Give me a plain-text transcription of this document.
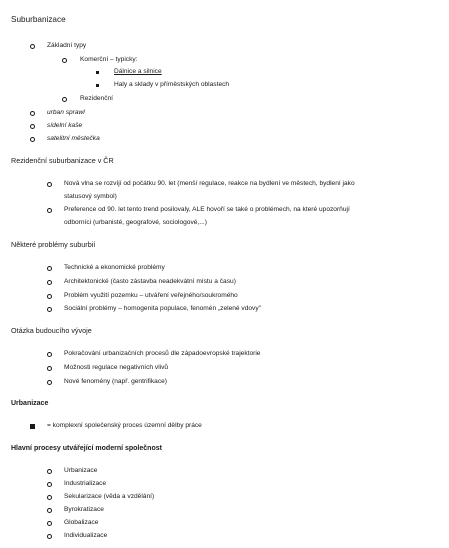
Suburbanizace
Základní typy
Komerční – typicky:
Dálnice a silnice
Haly a sklady v příměstských oblastech
Rezidenční
urban sprawl
sídelní kaše
satelitní městečka
Rezidenční suburbanizace v ČR
Nová vlna se rozvíjí od počátku 90. let (menší regulace, reakce na bydlení ve městech, bydlení jako
statusový symbol)
Preference od 90. let tento trend posilovaly, ALE hovoří se také o problémech, na které upozorňují
odborníci (urbanisté, geografové, sociologové,...)
Některé problémy suburbií
Technické a ekonomické problémy
Architektonické (často zástavba neadekvátní místu a času)
Problém využití pozemku – utváření veřejného/soukromého
Sociální problémy – homogenita populace, fenomén „zelené vdovy"
Otázka budoucího vývoje
Pokračování urbanizačních procesů dle západoevropské trajektorie
Možnosti regulace negativních vlivů
Nové fenomény (např. gentrifikace)
Urbanizace
= komplexní společenský proces územní dělby práce
Hlavní procesy utvářející moderní společnost
Urbanizace
Industrializace
Sekularizace (věda a vzdělání)
Byrokratizace
Globalizace
Individualizace
